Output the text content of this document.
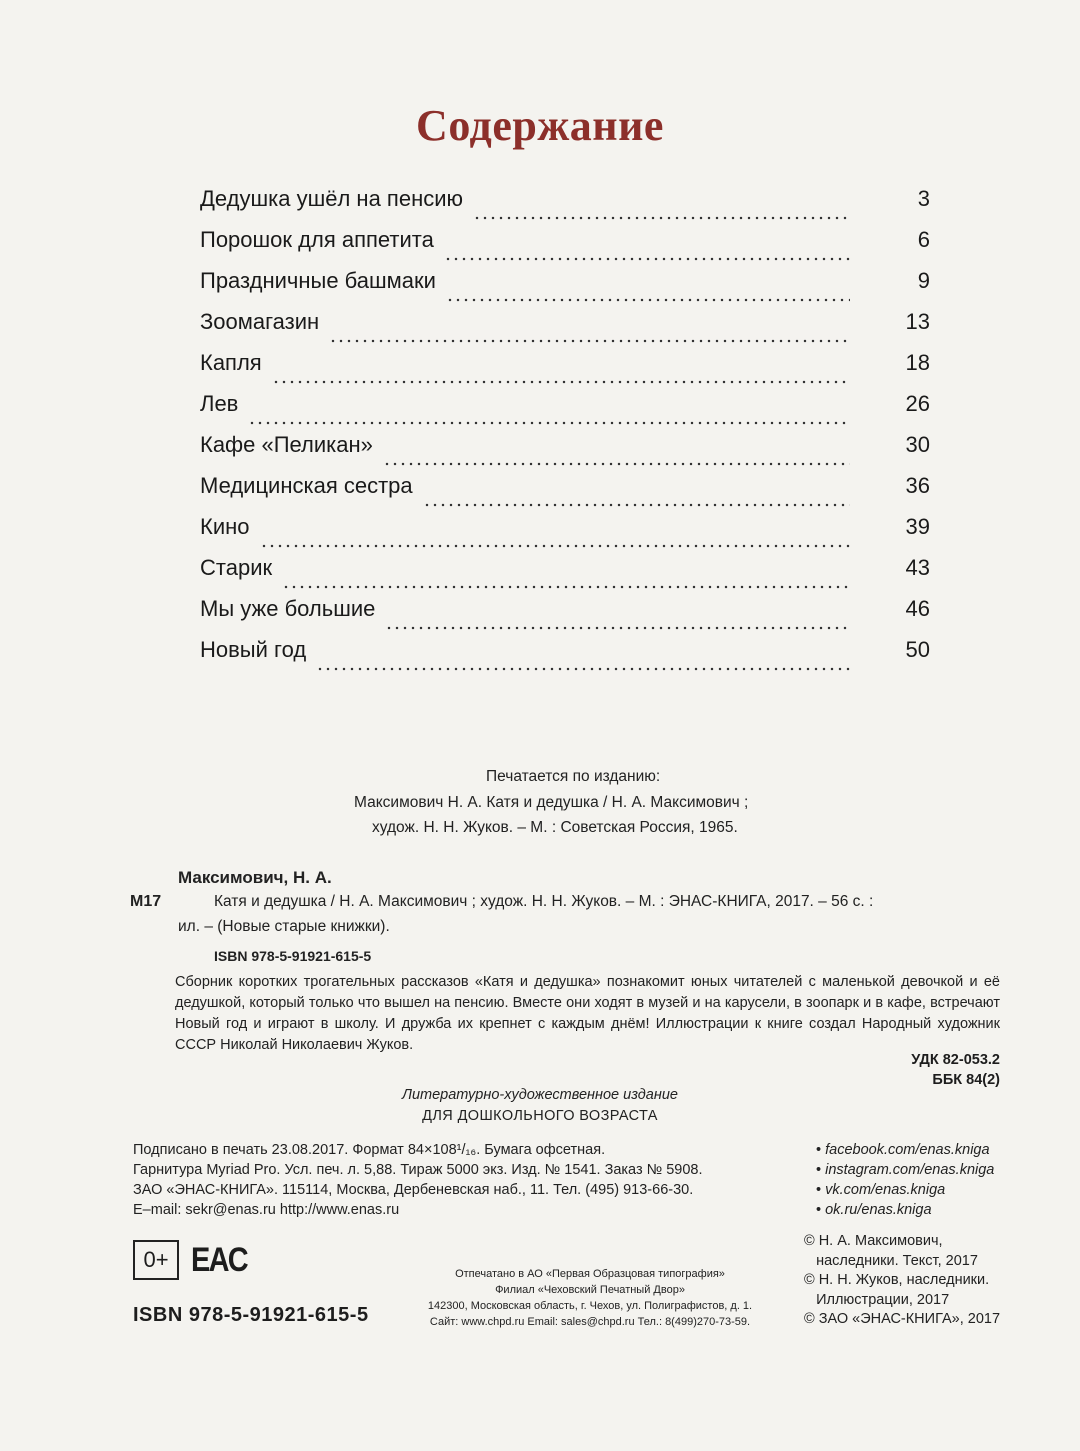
Содержание
Дедушка ушёл на пенсию	3
Порошок для аппетита	6
Праздничные башмаки	9
Зоомагазин	13
Капля	18
Лев	26
Кафе «Пеликан»	30
Медицинская сестра	36
Кино	39
Старик	43
Мы уже большие	46
Новый год	50
Печатается по изданию:
Максимович Н. А. Катя и дедушка / Н. А. Максимович ;
худож. Н. Н. Жуков. – М. : Советская Россия, 1965.
Максимович, Н. А.
М17	Катя и дедушка / Н. А. Максимович ; худож. Н. Н. Жуков. – М. : ЭНАС-КНИГА, 2017. – 56 с. :
ил. – (Новые старые книжки).
ISBN 978-5-91921-615-5
Сборник коротких трогательных рассказов «Катя и дедушка» познакомит юных читателей с маленькой девочкой и её дедушкой, который только что вышел на пенсию. Вместе они ходят в музей и на карусели, в зоопарк и в кафе, встречают Новый год и играют в школу. И дружба их крепнет с каждым днём! Иллюстрации к книге создал Народный художник СССР Николай Николаевич Жуков.
УДК 82-053.2
ББК 84(2)
Литературно-художественное издание
ДЛЯ ДОШКОЛЬНОГО ВОЗРАСТА
Подписано в печать 23.08.2017. Формат 84×108¹/₁₆. Бумага офсетная.
Гарнитура Myriad Pro. Усл. печ. л. 5,88. Тираж 5000 экз. Изд. № 1541. Заказ № 5908.
ЗАО «ЭНАС-КНИГА». 115114, Москва, Дербеневская наб., 11. Тел. (495) 913-66-30.
E–mail: sekr@enas.ru http://www.enas.ru
• facebook.com/enas.kniga
• instagram.com/enas.kniga
• vk.com/enas.kniga
• ok.ru/enas.kniga
0+ EAC
ISBN 978-5-91921-615-5
Отпечатано в АО «Первая Образцовая типография»
Филиал «Чеховский Печатный Двор»
142300, Московская область, г. Чехов, ул. Полиграфистов, д. 1.
Сайт: www.chpd.ru Email: sales@chpd.ru Тел.: 8(499)270-73-59.
© Н. А. Максимович,
наследники. Текст, 2017
© Н. Н. Жуков, наследники.
Иллюстрации, 2017
© ЗАО «ЭНАС-КНИГА», 2017
